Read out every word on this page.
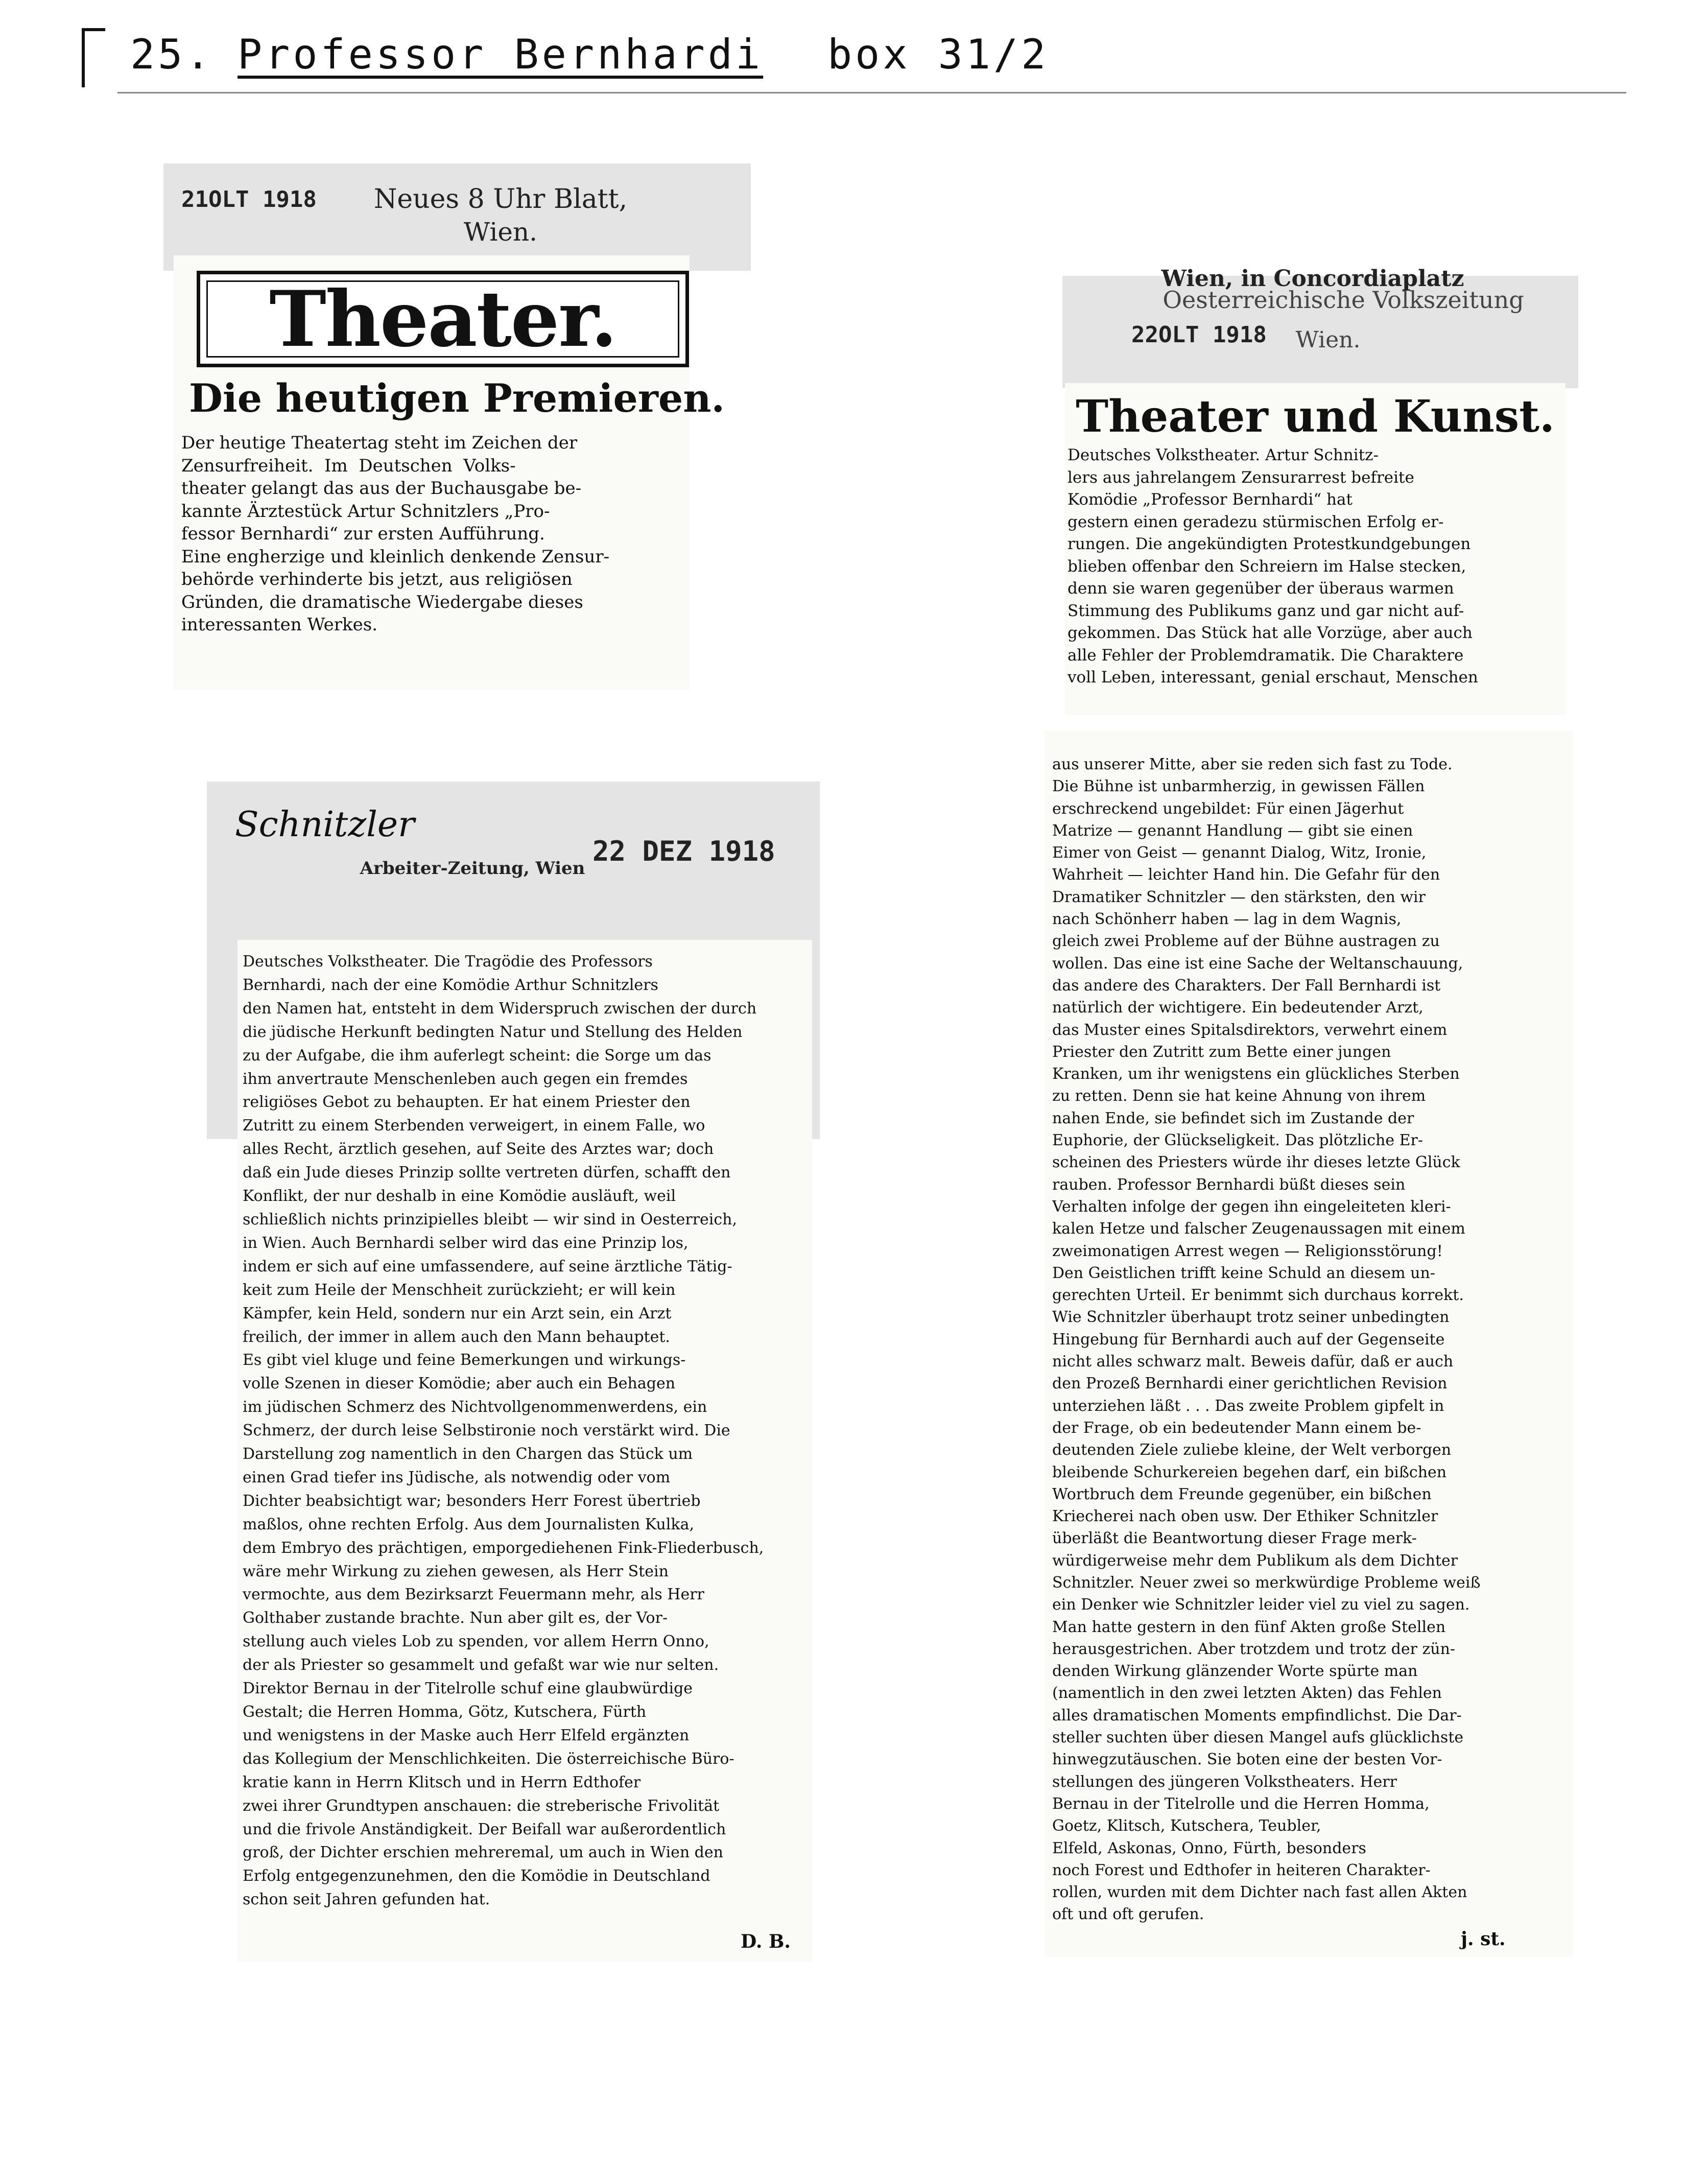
25. Professor Bernhardi box 31/2
21OLT 1918	Neues 8 Uhr Blatt,
Wien.
Theater.
Die heutigen Premieren.
Der heutige Theatertag steht im Zeichen der
Zensurfreiheit.  Im  Deutschen  Volks-
theater gelangt das aus der Buchausgabe be-
kannte Ärztestück Artur Schnitzlers „Pro-
fessor Bernhardi“ zur ersten Aufführung.
Eine engherzige und kleinlich denkende Zensur-
behörde verhinderte bis jetzt, aus religiösen
Gründen, die dramatische Wiedergabe dieses
interessanten Werkes.
Wien, in Concordiaplatz
Oesterreichische Volkszeitung
22OLT 1918	Wien.
Theater und Kunst.
Deutsches Volkstheater. Artur Schnitz-
lers aus jahrelangem Zensurarrest befreite
Komödie „Professor Bernhardi“ hat
gestern einen geradezu stürmischen Erfolg er-
rungen. Die angekündigten Protestkundgebungen
blieben offenbar den Schreiern im Halse stecken,
denn sie waren gegenüber der überaus warmen
Stimmung des Publikums ganz und gar nicht auf-
gekommen. Das Stück hat alle Vorzüge, aber auch
alle Fehler der Problemdramatik. Die Charaktere
voll Leben, interessant, genial erschaut, Menschen
aus unserer Mitte, aber sie reden sich fast zu Tode.
Die Bühne ist unbarmherzig, in gewissen Fällen
erschreckend ungebildet: Für einen Jägerhut
Matrize — genannt Handlung — gibt sie einen
Eimer von Geist — genannt Dialog, Witz, Ironie,
Wahrheit — leichter Hand hin. Die Gefahr für den
Dramatiker Schnitzler — den stärksten, den wir
nach Schönherr haben — lag in dem Wagnis,
gleich zwei Probleme auf der Bühne austragen zu
wollen. Das eine ist eine Sache der Weltanschauung,
das andere des Charakters. Der Fall Bernhardi ist
natürlich der wichtigere. Ein bedeutender Arzt,
das Muster eines Spitalsdirektors, verwehrt einem
Priester den Zutritt zum Bette einer jungen
Kranken, um ihr wenigstens ein glückliches Sterben
zu retten. Denn sie hat keine Ahnung von ihrem
nahen Ende, sie befindet sich im Zustande der
Euphorie, der Glückseligkeit. Das plötzliche Er-
scheinen des Priesters würde ihr dieses letzte Glück
rauben. Professor Bernhardi büßt dieses sein
Verhalten infolge der gegen ihn eingeleiteten kleri-
kalen Hetze und falscher Zeugenaussagen mit einem
zweimonatigen Arrest wegen — Religionsstörung!
Den Geistlichen trifft keine Schuld an diesem un-
gerechten Urteil. Er benimmt sich durchaus korrekt.
Wie Schnitzler überhaupt trotz seiner unbedingten
Hingebung für Bernhardi auch auf der Gegenseite
nicht alles schwarz malt. Beweis dafür, daß er auch
den Prozeß Bernhardi einer gerichtlichen Revision
unterziehen läßt . . . Das zweite Problem gipfelt in
der Frage, ob ein bedeutender Mann einem be-
deutenden Ziele zuliebe kleine, der Welt verborgen
bleibende Schurkereien begehen darf, ein bißchen
Wortbruch dem Freunde gegenüber, ein bißchen
Kriecherei nach oben usw. Der Ethiker Schnitzler
überläßt die Beantwortung dieser Frage merk-
würdigerweise mehr dem Publikum als dem Dichter
Schnitzler. Neuer zwei so merkwürdige Probleme weiß
ein Denker wie Schnitzler leider viel zu viel zu sagen.
Man hatte gestern in den fünf Akten große Stellen
herausgestrichen. Aber trotzdem und trotz der zün-
denden Wirkung glänzender Worte spürte man
(namentlich in den zwei letzten Akten) das Fehlen
alles dramatischen Moments empfindlichst. Die Dar-
steller suchten über diesen Mangel aufs glücklichste
hinwegzutäuschen. Sie boten eine der besten Vor-
stellungen des jüngeren Volkstheaters. Herr
Bernau in der Titelrolle und die Herren Homma,
Goetz, Klitsch, Kutschera, Teubler,
Elfeld, Askonas, Onno, Fürth, besonders
noch Forest und Edthofer in heiteren Charakter-
rollen, wurden mit dem Dichter nach fast allen Akten
oft und oft gerufen.
j. st.
Schnitzler
Arbeiter-Zeitung, Wien
22 DEZ 1918
Deutsches Volkstheater. Die Tragödie des Professors
Bernhardi, nach der eine Komödie Arthur Schnitzlers
den Namen hat, entsteht in dem Widerspruch zwischen der durch
die jüdische Herkunft bedingten Natur und Stellung des Helden
zu der Aufgabe, die ihm auferlegt scheint: die Sorge um das
ihm anvertraute Menschenleben auch gegen ein fremdes
religiöses Gebot zu behaupten. Er hat einem Priester den
Zutritt zu einem Sterbenden verweigert, in einem Falle, wo
alles Recht, ärztlich gesehen, auf Seite des Arztes war; doch
daß ein Jude dieses Prinzip sollte vertreten dürfen, schafft den
Konflikt, der nur deshalb in eine Komödie ausläuft, weil
schließlich nichts prinzipielles bleibt — wir sind in Oesterreich,
in Wien. Auch Bernhardi selber wird das eine Prinzip los,
indem er sich auf eine umfassendere, auf seine ärztliche Tätig-
keit zum Heile der Menschheit zurückzieht; er will kein
Kämpfer, kein Held, sondern nur ein Arzt sein, ein Arzt
freilich, der immer in allem auch den Mann behauptet.
Es gibt viel kluge und feine Bemerkungen und wirkungs-
volle Szenen in dieser Komödie; aber auch ein Behagen
im jüdischen Schmerz des Nichtvollgenommenwerdens, ein
Schmerz, der durch leise Selbstironie noch verstärkt wird. Die
Darstellung zog namentlich in den Chargen das Stück um
einen Grad tiefer ins Jüdische, als notwendig oder vom
Dichter beabsichtigt war; besonders Herr Forest übertrieb
maßlos, ohne rechten Erfolg. Aus dem Journalisten Kulka,
dem Embryo des prächtigen, emporgediehenen Fink-Fliederbusch,
wäre mehr Wirkung zu ziehen gewesen, als Herr Stein
vermochte, aus dem Bezirksarzt Feuermann mehr, als Herr
Golthaber zustande brachte. Nun aber gilt es, der Vor-
stellung auch vieles Lob zu spenden, vor allem Herrn Onno,
der als Priester so gesammelt und gefaßt war wie nur selten.
Direktor Bernau in der Titelrolle schuf eine glaubwürdige
Gestalt; die Herren Homma, Götz, Kutschera, Fürth
und wenigstens in der Maske auch Herr Elfeld ergänzten
das Kollegium der Menschlichkeiten. Die österreichische Büro-
kratie kann in Herrn Klitsch und in Herrn Edthofer
zwei ihrer Grundtypen anschauen: die streberische Frivolität
und die frivole Anständigkeit. Der Beifall war außerordentlich
groß, der Dichter erschien mehreremal, um auch in Wien den
Erfolg entgegenzunehmen, den die Komödie in Deutschland
schon seit Jahren gefunden hat.
D. B.
